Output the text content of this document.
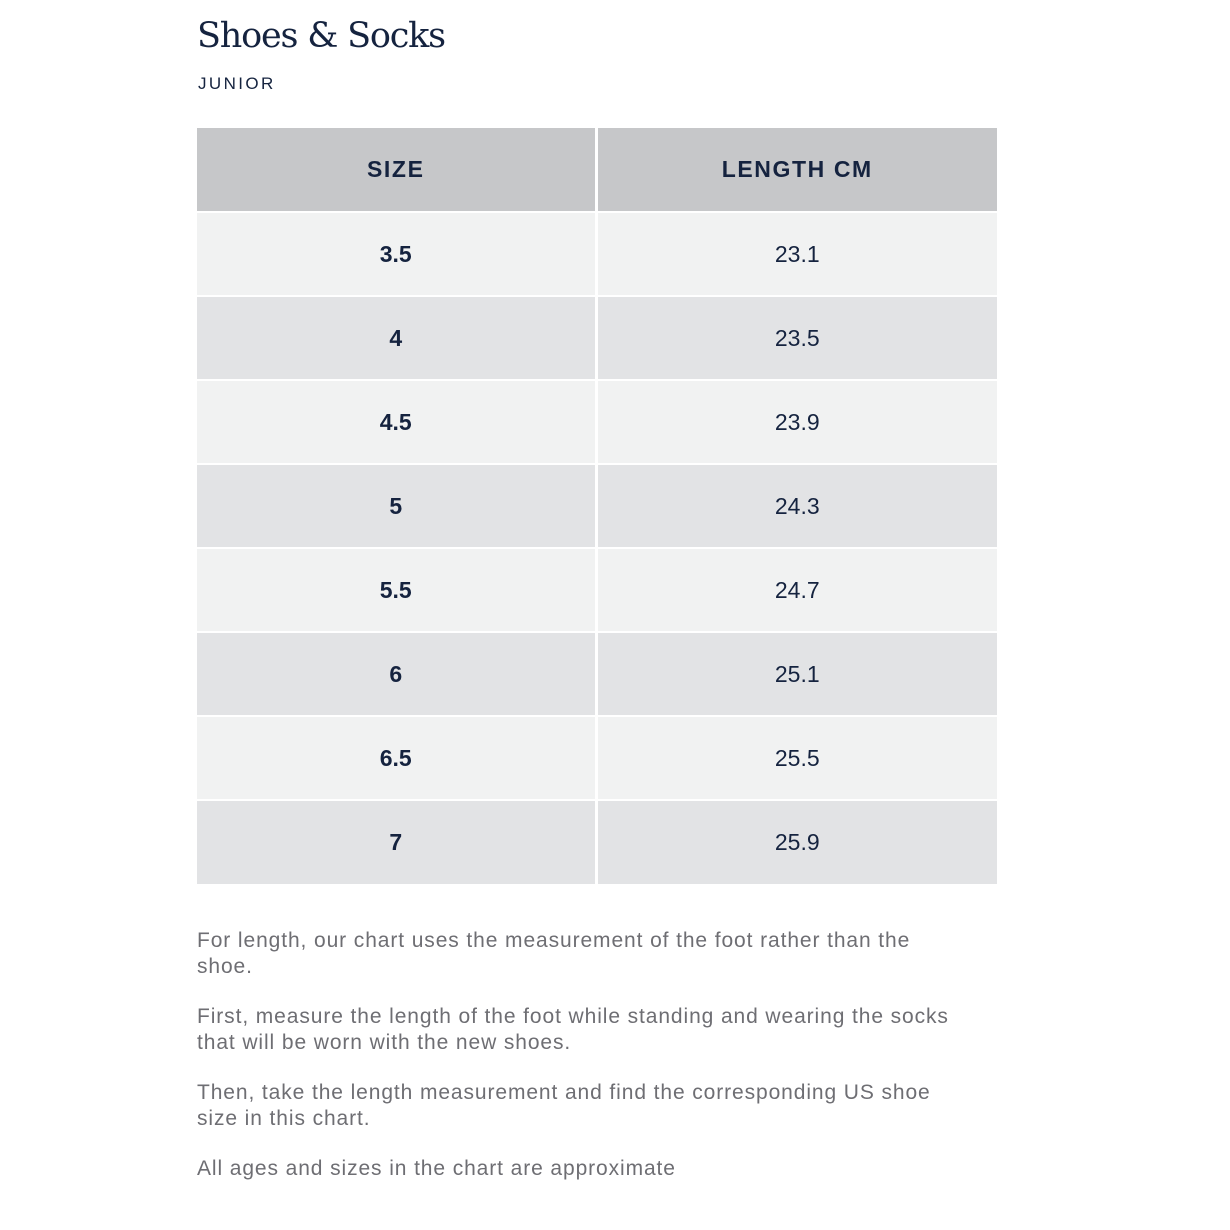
Shoes & Socks
JUNIOR
SIZE	LENGTH CM
3.5	23.1
4	23.5
4.5	23.9
5	24.3
5.5	24.7
6	25.1
6.5	25.5
7	25.9

For length, our chart uses the measurement of the foot rather than the shoe.

First, measure the length of the foot while standing and wearing the socks that will be worn with the new shoes.

Then, take the length measurement and find the corresponding US shoe size in this chart.

All ages and sizes in the chart are approximate
